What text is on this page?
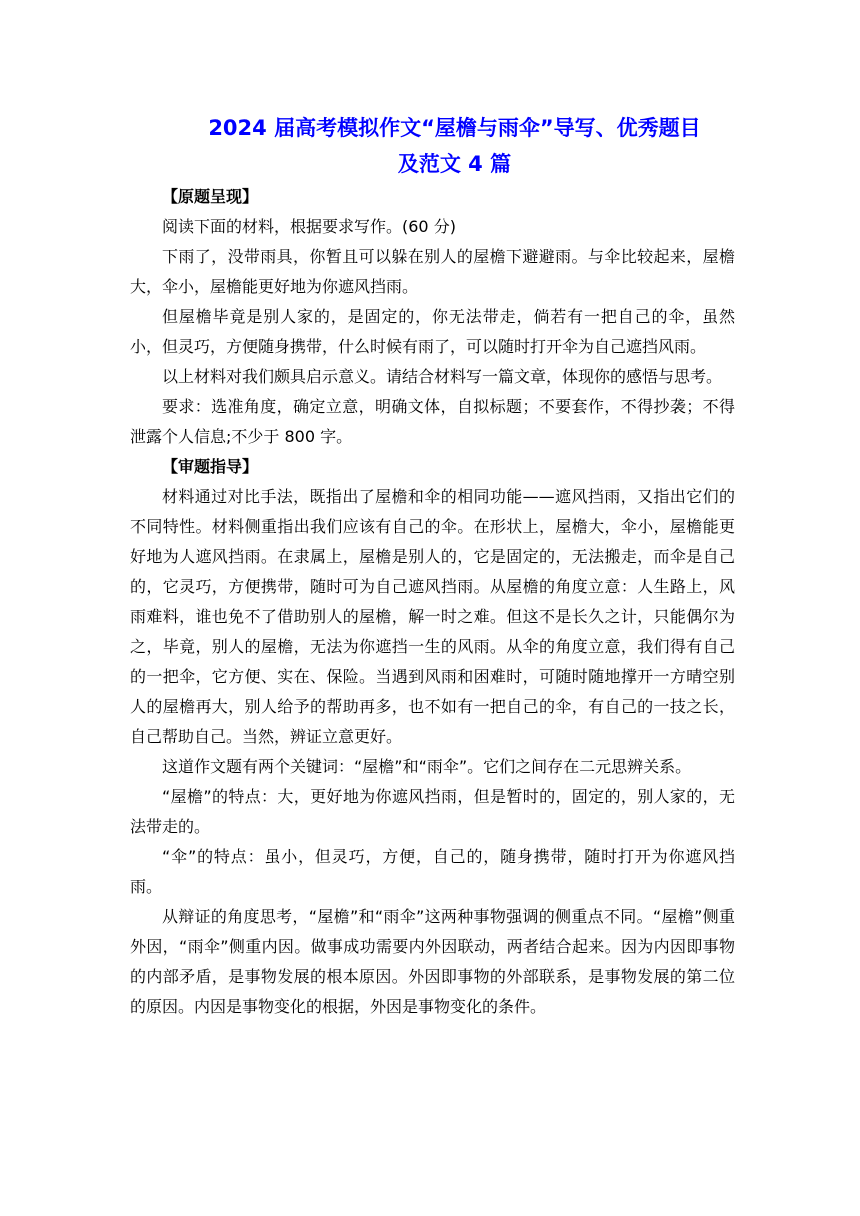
2024 届高考模拟作文“屋檐与雨伞”导写、优秀题目
及范文 4 篇

【原题呈现】

阅读下面的材料，根据要求写作。(60 分)

下雨了，没带雨具，你暂且可以躲在别人的屋檐下避避雨。与伞比较起来，屋檐大，伞小，屋檐能更好地为你遮风挡雨。

但屋檐毕竟是别人家的，是固定的，你无法带走，倘若有一把自己的伞，虽然小，但灵巧，方便随身携带，什么时候有雨了，可以随时打开伞为自己遮挡风雨。

以上材料对我们颇具启示意义。请结合材料写一篇文章，体现你的感悟与思考。

要求：选准角度，确定立意，明确文体，自拟标题；不要套作，不得抄袭；不得泄露个人信息;不少于 800 字。

【审题指导】

材料通过对比手法，既指出了屋檐和伞的相同功能——遮风挡雨，又指出它们的不同特性。材料侧重指出我们应该有自己的伞。在形状上，屋檐大，伞小，屋檐能更好地为人遮风挡雨。在隶属上，屋檐是别人的，它是固定的，无法搬走，而伞是自己的，它灵巧，方便携带，随时可为自己遮风挡雨。从屋檐的角度立意：人生路上，风雨难料，谁也免不了借助别人的屋檐，解一时之难。但这不是长久之计，只能偶尔为之，毕竟，别人的屋檐，无法为你遮挡一生的风雨。从伞的角度立意，我们得有自己的一把伞，它方便、实在、保险。当遇到风雨和困难时，可随时随地撑开一方晴空别人的屋檐再大，别人给予的帮助再多，也不如有一把自己的伞，有自己的一技之长，自己帮助自己。当然，辨证立意更好。

这道作文题有两个关键词：“屋檐”和“雨伞”。它们之间存在二元思辨关系。

“屋檐”的特点：大，更好地为你遮风挡雨，但是暂时的，固定的，别人家的，无法带走的。

“伞”的特点：虽小，但灵巧，方便，自己的，随身携带，随时打开为你遮风挡雨。

从辩证的角度思考，“屋檐”和“雨伞”这两种事物强调的侧重点不同。“屋檐”侧重外因，“雨伞”侧重内因。做事成功需要内外因联动，两者结合起来。因为内因即事物的内部矛盾，是事物发展的根本原因。外因即事物的外部联系，是事物发展的第二位的原因。内因是事物变化的根据，外因是事物变化的条件。
